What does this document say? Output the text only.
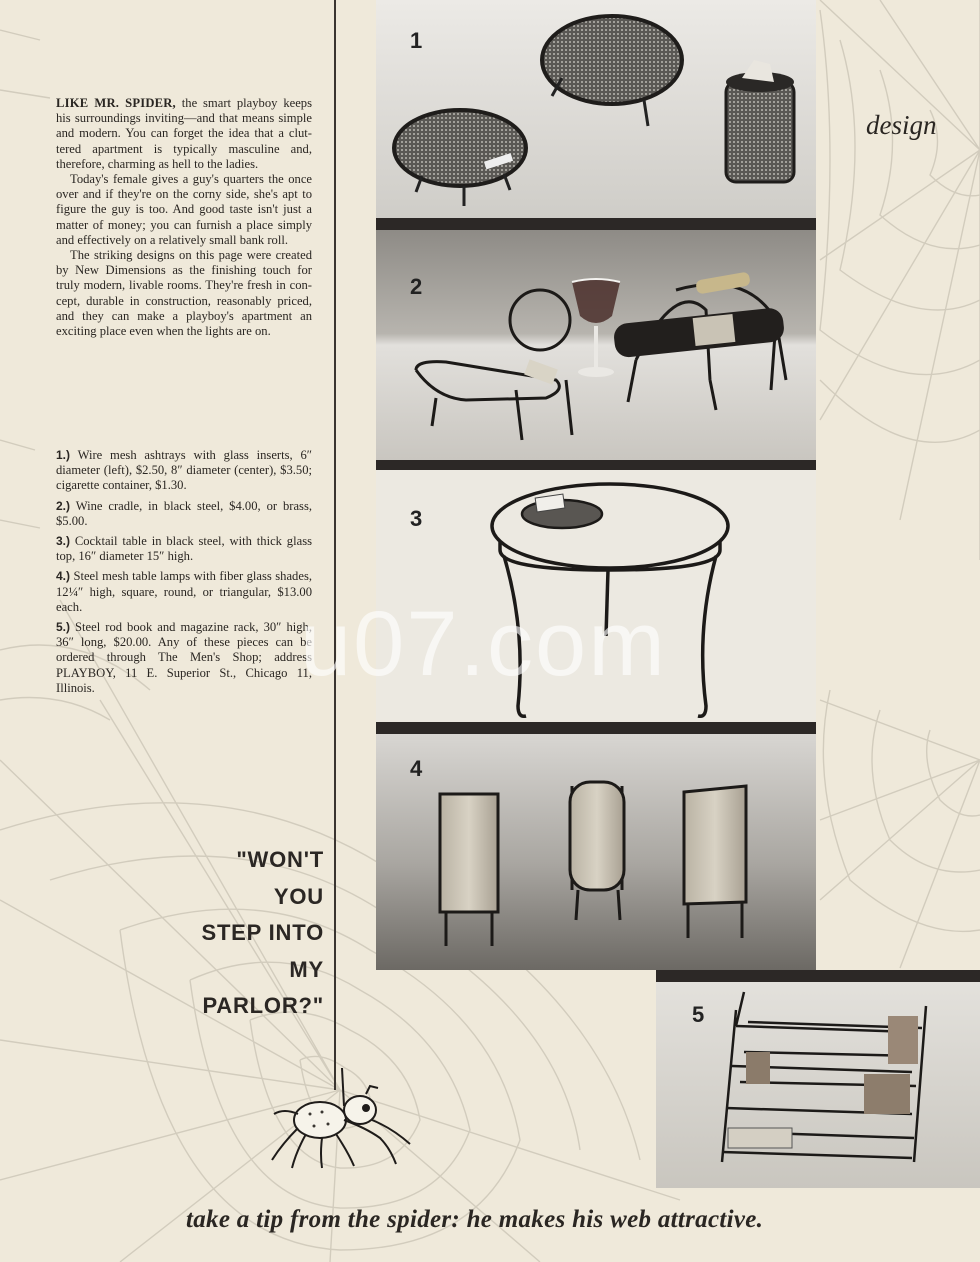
LIKE MR. SPIDER, the smart playboy keeps his surroundings inviting—and that means simple and modern. You can forget the idea that a cluttered apartment is typically masculine and, therefore, charming as hell to the ladies.

Today's female gives a guy's quarters the once over and if they're on the corny side, she's apt to figure the guy is too. And good taste isn't just a matter of money; you can furnish a place simply and effectively on a relatively small bank roll.

The striking designs on this page were created by New Dimensions as the finishing touch for truly modern, livable rooms. They're fresh in concept, durable in construction, reasonably priced, and they can make a playboy's apartment an exciting place even when the lights are on.

1.) Wire mesh ashtrays with glass inserts, 6″ diameter (left), $2.50, 8″ diameter (center), $3.50; cigarette container, $1.30.

2.) Wine cradle, in black steel, $4.00, or brass, $5.00.

3.) Cocktail table in black steel, with thick glass top, 16″ diameter 15″ high.

4.) Steel mesh table lamps with fiber glass shades, 12¼″ high, square, round, or triangular, $13.00 each.

5.) Steel rod book and magazine rack, 30″ high, 36″ long, $20.00. Any of these pieces can be ordered through The Men's Shop; address PLAYBOY, 11 E. Superior St., Chicago 11, Illinois.

"WON'T
YOU
STEP INTO
MY
PARLOR?"
design
1
2
3
4
5
u07.com
take a tip from the spider: he makes his web attractive.
